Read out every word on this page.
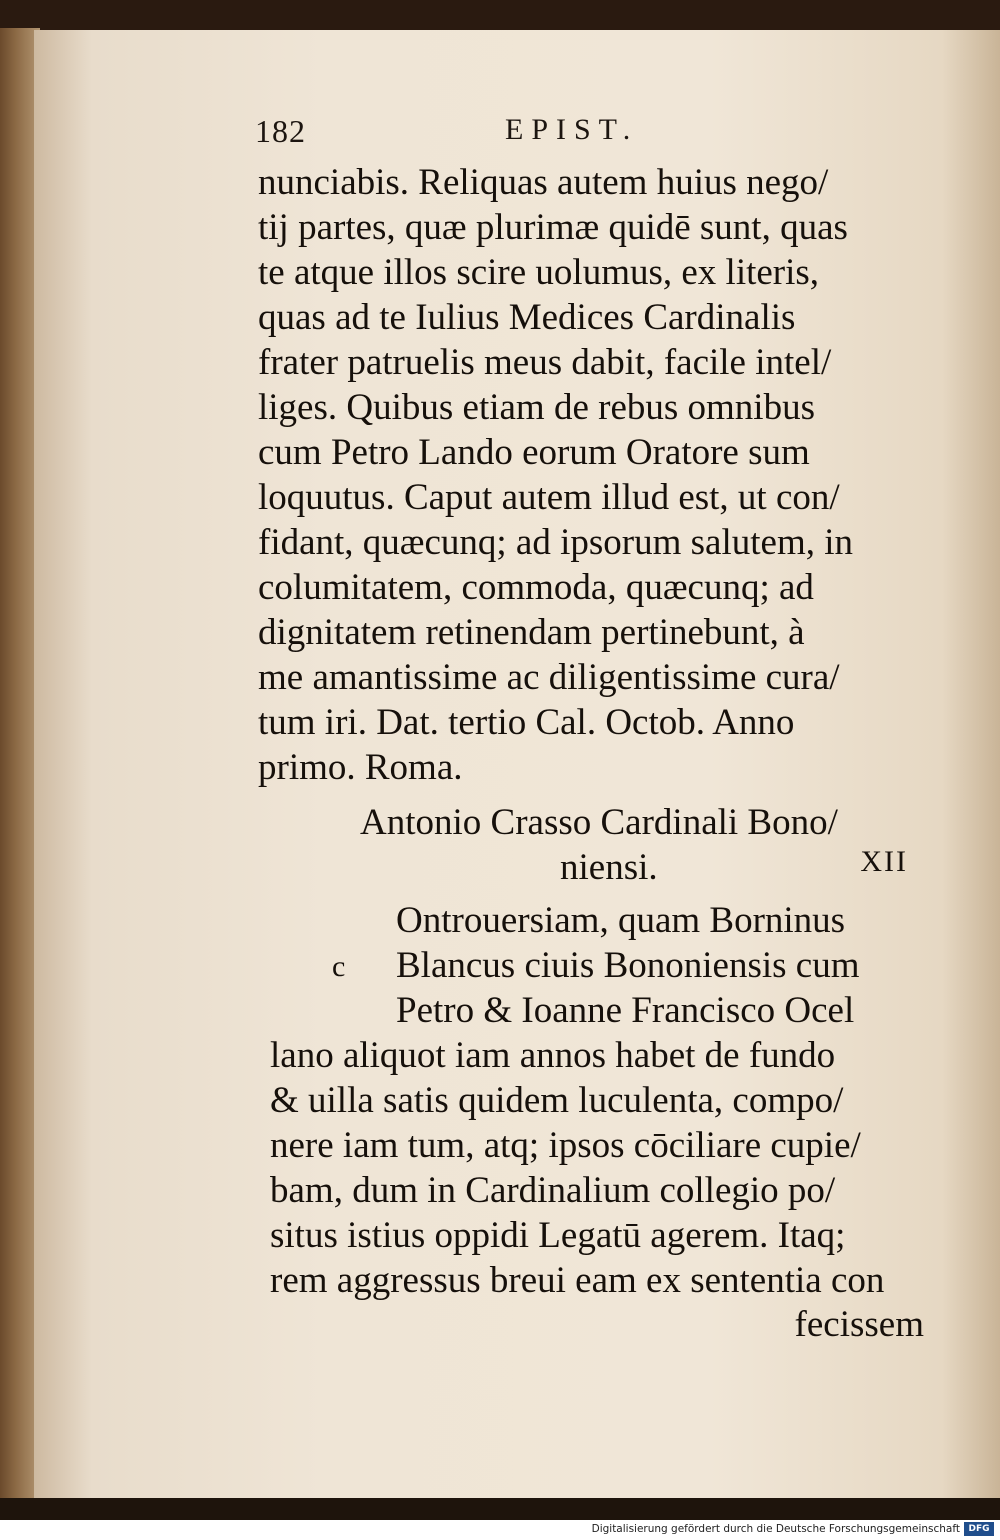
182	EPIST.
nunciabis. Reliquas autem huius nego/
tij partes, quæ plurimæ quidē sunt, quas
te atque illos scire uolumus, ex literis,
quas ad te Iulius Medices Cardinalis
frater patruelis meus dabit, facile intel/
liges. Quibus etiam de rebus omnibus
cum Petro Lando eorum Oratore sum
loquutus. Caput autem illud est, ut con/
fidant, quæcunq; ad ipsorum salutem, in
columitatem, commoda, quæcunq; ad
dignitatem retinendam pertinebunt, à
me amantissime ac diligentissime cura/
tum iri. Dat. tertio Cal. Octob. Anno
primo. Roma.
Antonio Crasso Cardinali Bono/
niensi.	XII
c
Ontrouersiam, quam Borninus
Blancus ciuis Bononiensis cum
Petro & Ioanne Francisco Ocel
lano aliquot iam annos habet de fundo
& uilla satis quidem luculenta, compo/
nere iam tum, atq; ipsos cōciliare cupie/
bam, dum in Cardinalium collegio po/
situs istius oppidi Legatū agerem. Itaq;
rem aggressus breui eam ex sententia con
fecissem
Digitalisierung gefördert durch die Deutsche Forschungsgemeinschaft DFG
